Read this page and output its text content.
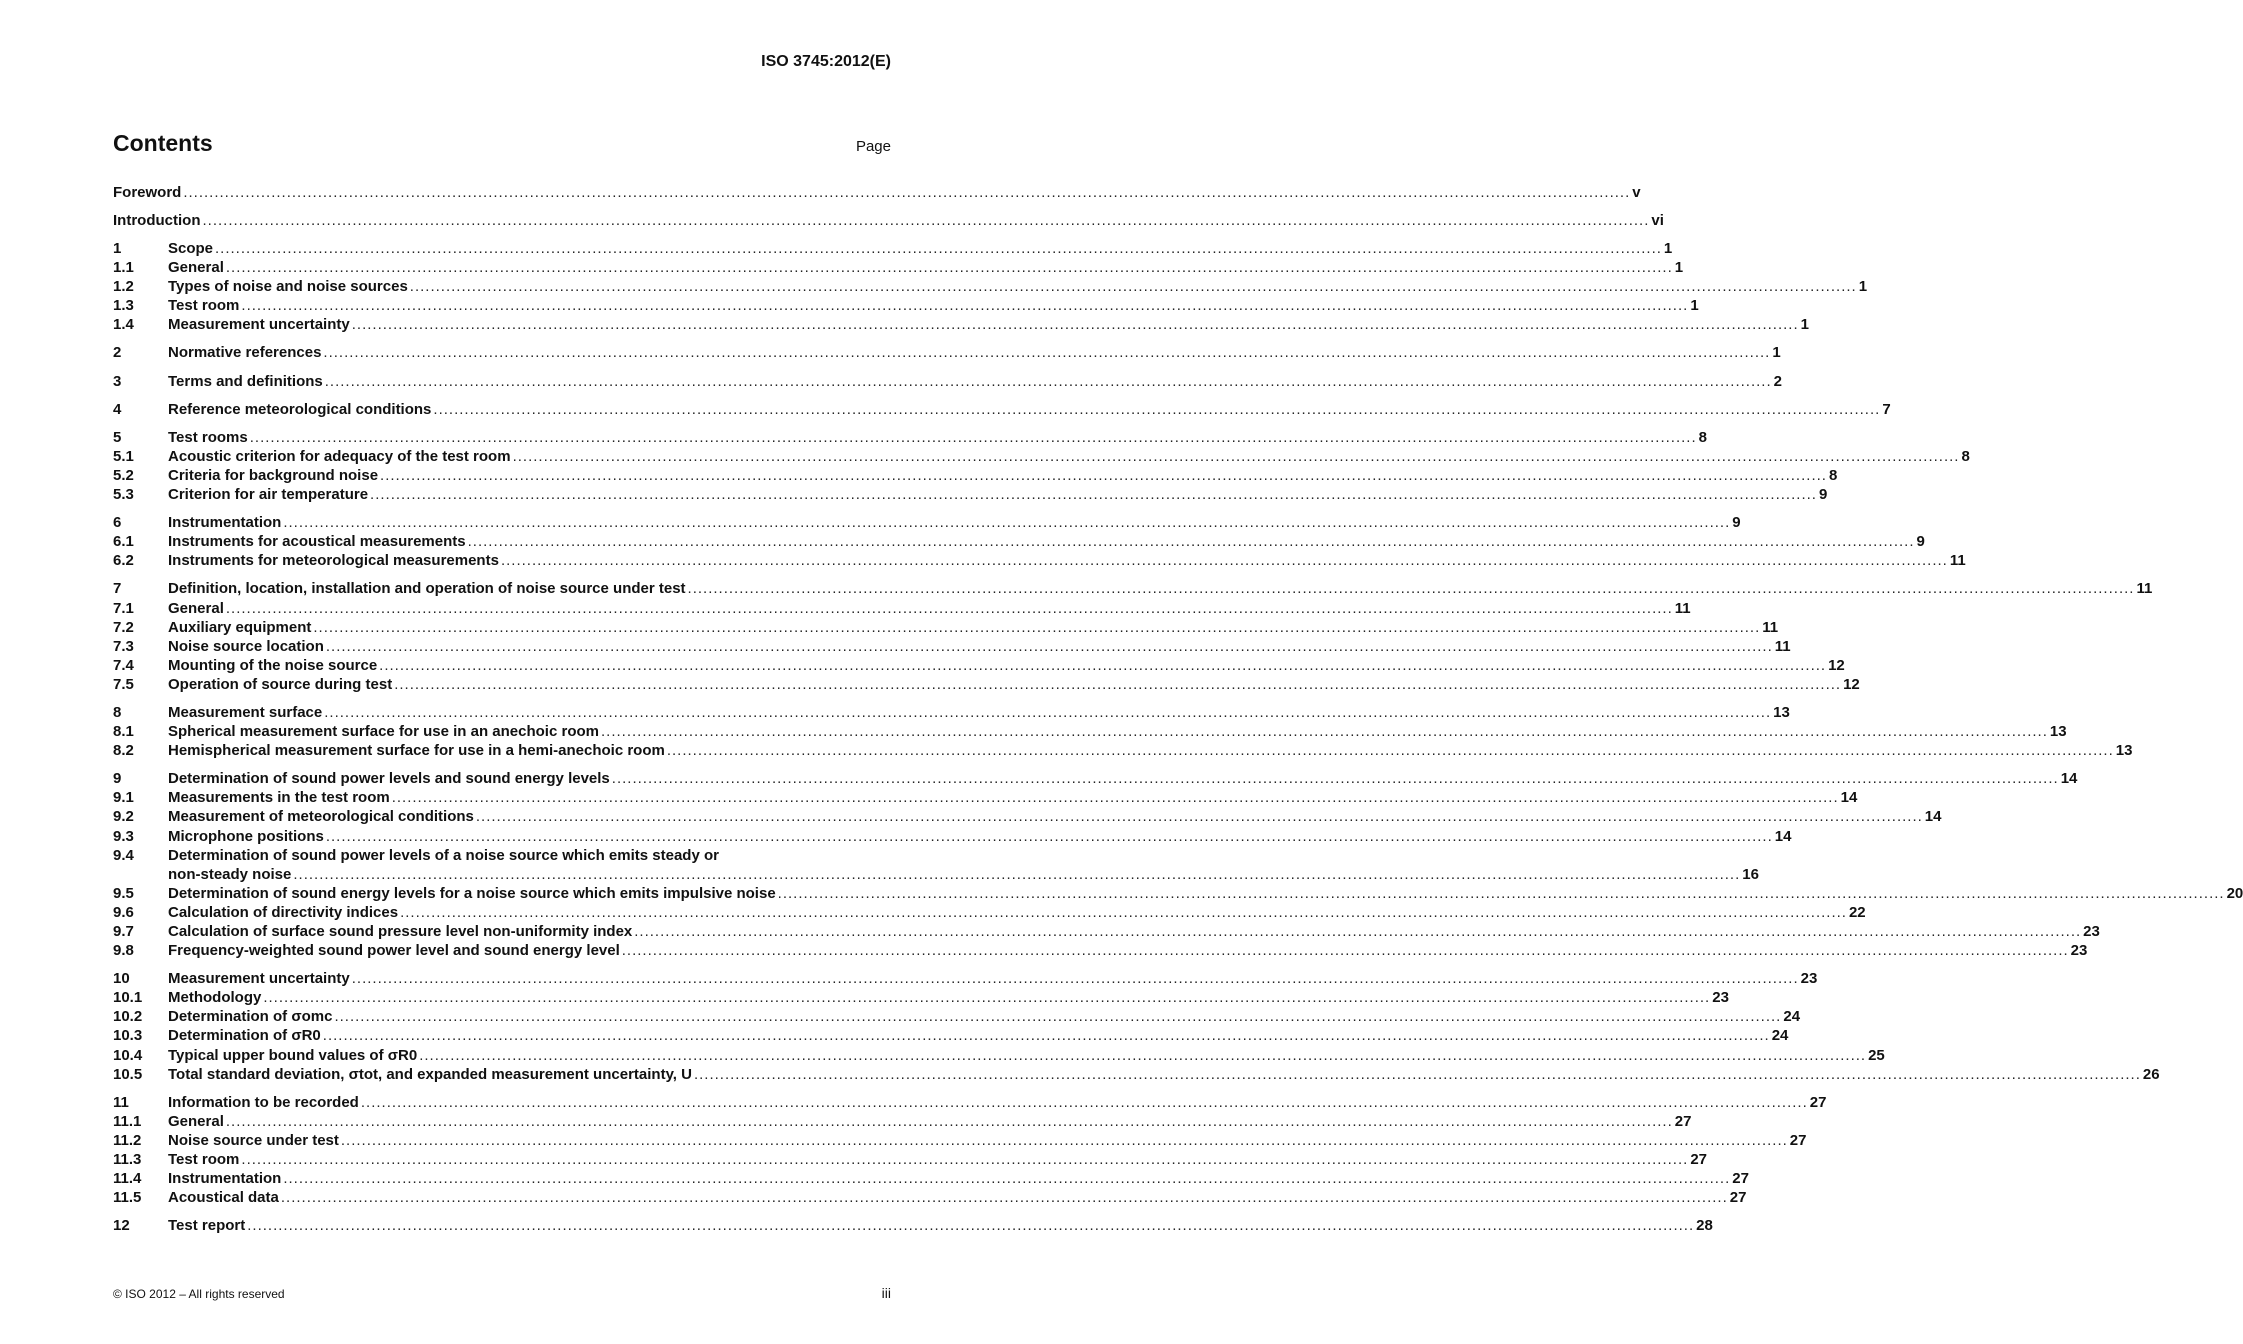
ISO 3745:2012(E)
Contents	Page
Foreword .....	v
Introduction .....	vi
1	Scope .....	1
1.1	General .....	1
1.2	Types of noise and noise sources .....	1
1.3	Test room .....	1
1.4	Measurement uncertainty .....	1
2	Normative references .....	1
3	Terms and definitions .....	2
4	Reference meteorological conditions .....	7
5	Test rooms .....	8
5.1	Acoustic criterion for adequacy of the test room .....	8
5.2	Criteria for background noise .....	8
5.3	Criterion for air temperature .....	9
6	Instrumentation .....	9
6.1	Instruments for acoustical measurements .....	9
6.2	Instruments for meteorological measurements .....	11
7	Definition, location, installation and operation of noise source under test .....	11
7.1	General .....	11
7.2	Auxiliary equipment .....	11
7.3	Noise source location .....	11
7.4	Mounting of the noise source .....	12
7.5	Operation of source during test .....	12
8	Measurement surface .....	13
8.1	Spherical measurement surface for use in an anechoic room .....	13
8.2	Hemispherical measurement surface for use in a hemi-anechoic room .....	13
9	Determination of sound power levels and sound energy levels .....	14
9.1	Measurements in the test room .....	14
9.2	Measurement of meteorological conditions .....	14
9.3	Microphone positions .....	14
9.4	Determination of sound power levels of a noise source which emits steady or
non-steady noise .....	16
9.5	Determination of sound energy levels for a noise source which emits impulsive noise .....	20
9.6	Calculation of directivity indices .....	22
9.7	Calculation of surface sound pressure level non-uniformity index .....	23
9.8	Frequency-weighted sound power level and sound energy level .....	23
10	Measurement uncertainty .....	23
10.1	Methodology .....	23
10.2	Determination of σomc .....	24
10.3	Determination of σR0 .....	24
10.4	Typical upper bound values of σR0 .....	25
10.5	Total standard deviation, σtot, and expanded measurement uncertainty, U .....	26
11	Information to be recorded .....	27
11.1	General .....	27
11.2	Noise source under test .....	27
11.3	Test room .....	27
11.4	Instrumentation .....	27
11.5	Acoustical data .....	27
12	Test report .....	28
© ISO 2012 – All rights reserved	iii
